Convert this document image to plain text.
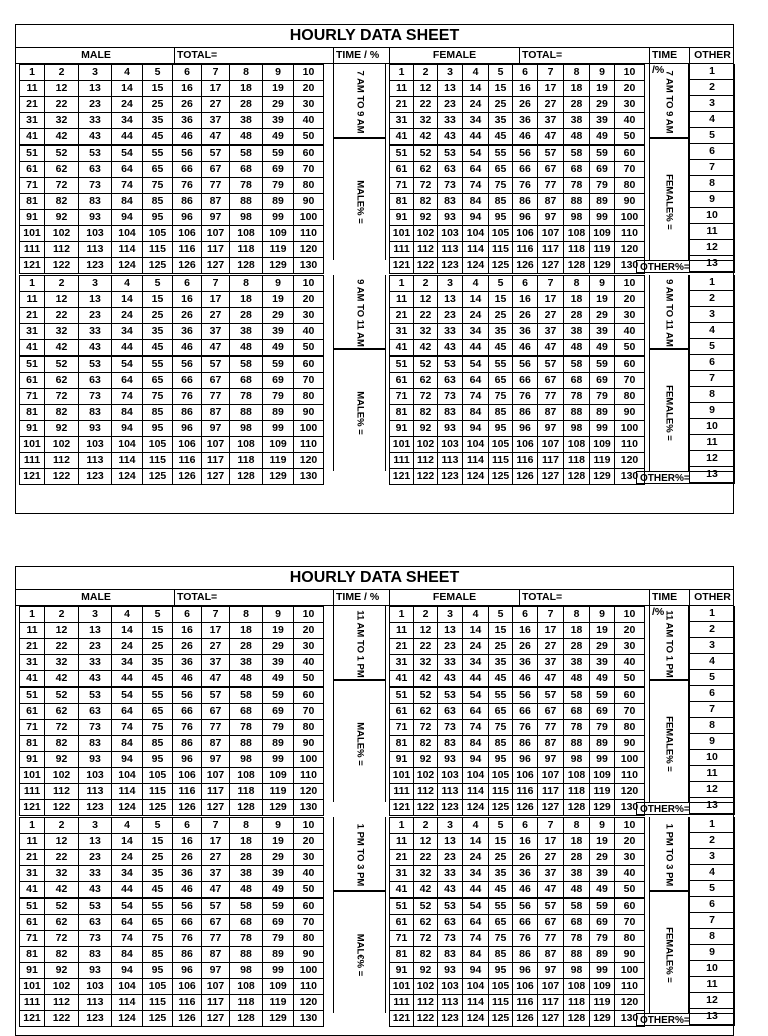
HOURLY DATA SHEET
MALE	TOTAL=	TIME / %	FEMALE	TOTAL=	TIME /%
OTHER
1	2	3	4	5	6	7	8	9	10
11	12	13	14	15	16	17	18	19	20
21	22	23	24	25	26	27	28	29	30
31	32	33	34	35	36	37	38	39	40
41	42	43	44	45	46	47	48	49	50
51	52	53	54	55	56	57	58	59	60
61	62	63	64	65	66	67	68	69	70
71	72	73	74	75	76	77	78	79	80
81	82	83	84	85	86	87	88	89	90
91	92	93	94	95	96	97	98	99	100
101	102	103	104	105	106	107	108	109	110
111	112	113	114	115	116	117	118	119	120
121	122	123	124	125	126	127	128	129	130
7 AM TO 9 AM
MALE% =
1	2	3	4	5	6	7	8	9	10
11	12	13	14	15	16	17	18	19	20
21	22	23	24	25	26	27	28	29	30
31	32	33	34	35	36	37	38	39	40
41	42	43	44	45	46	47	48	49	50
51	52	53	54	55	56	57	58	59	60
61	62	63	64	65	66	67	68	69	70
71	72	73	74	75	76	77	78	79	80
81	82	83	84	85	86	87	88	89	90
91	92	93	94	95	96	97	98	99	100
101	102	103	104	105	106	107	108	109	110
111	112	113	114	115	116	117	118	119	120
121	122	123	124	125	126	127	128	129	130
7 AM TO 9 AM
FEMALE% =
1
2
3
4
5
6
7
8
9
10
11
12
13
OTHER%=
1	2	3	4	5	6	7	8	9	10
11	12	13	14	15	16	17	18	19	20
21	22	23	24	25	26	27	28	29	30
31	32	33	34	35	36	37	38	39	40
41	42	43	44	45	46	47	48	49	50
51	52	53	54	55	56	57	58	59	60
61	62	63	64	65	66	67	68	69	70
71	72	73	74	75	76	77	78	79	80
81	82	83	84	85	86	87	88	89	90
91	92	93	94	95	96	97	98	99	100
101	102	103	104	105	106	107	108	109	110
111	112	113	114	115	116	117	118	119	120
121	122	123	124	125	126	127	128	129	130
9 AM TO 11 AM
MALE% =
1	2	3	4	5	6	7	8	9	10
11	12	13	14	15	16	17	18	19	20
21	22	23	24	25	26	27	28	29	30
31	32	33	34	35	36	37	38	39	40
41	42	43	44	45	46	47	48	49	50
51	52	53	54	55	56	57	58	59	60
61	62	63	64	65	66	67	68	69	70
71	72	73	74	75	76	77	78	79	80
81	82	83	84	85	86	87	88	89	90
91	92	93	94	95	96	97	98	99	100
101	102	103	104	105	106	107	108	109	110
111	112	113	114	115	116	117	118	119	120
121	122	123	124	125	126	127	128	129	130
9 AM TO 11 AM
FEMALE% =
1
2
3
4
5
6
7
8
9
10
11
12
13
OTHER%=
HOURLY DATA SHEET
MALE	TOTAL=	TIME / %	FEMALE	TOTAL=	TIME /%
OTHER
1	2	3	4	5	6	7	8	9	10
11	12	13	14	15	16	17	18	19	20
21	22	23	24	25	26	27	28	29	30
31	32	33	34	35	36	37	38	39	40
41	42	43	44	45	46	47	48	49	50
51	52	53	54	55	56	57	58	59	60
61	62	63	64	65	66	67	68	69	70
71	72	73	74	75	76	77	78	79	80
81	82	83	84	85	86	87	88	89	90
91	92	93	94	95	96	97	98	99	100
101	102	103	104	105	106	107	108	109	110
111	112	113	114	115	116	117	118	119	120
121	122	123	124	125	126	127	128	129	130
11 AM TO 1 PM
MALE% =
1	2	3	4	5	6	7	8	9	10
11	12	13	14	15	16	17	18	19	20
21	22	23	24	25	26	27	28	29	30
31	32	33	34	35	36	37	38	39	40
41	42	43	44	45	46	47	48	49	50
51	52	53	54	55	56	57	58	59	60
61	62	63	64	65	66	67	68	69	70
71	72	73	74	75	76	77	78	79	80
81	82	83	84	85	86	87	88	89	90
91	92	93	94	95	96	97	98	99	100
101	102	103	104	105	106	107	108	109	110
111	112	113	114	115	116	117	118	119	120
121	122	123	124	125	126	127	128	129	130
11 AM TO 1 PM
FEMALE% =
1
2
3
4
5
6
7
8
9
10
11
12
13
OTHER%=
1	2	3	4	5	6	7	8	9	10
11	12	13	14	15	16	17	18	19	20
21	22	23	24	25	26	27	28	29	30
31	32	33	34	35	36	37	38	39	40
41	42	43	44	45	46	47	48	49	50
51	52	53	54	55	56	57	58	59	60
61	62	63	64	65	66	67	68	69	70
71	72	73	74	75	76	77	78	79	80
81	82	83	84	85	86	87	88	89	90
91	92	93	94	95	96	97	98	99	100
101	102	103	104	105	106	107	108	109	110
111	112	113	114	115	116	117	118	119	120
121	122	123	124	125	126	127	128	129	130
1 PM TO 3 PM
MAL€% =
1	2	3	4	5	6	7	8	9	10
11	12	13	14	15	16	17	18	19	20
21	22	23	24	25	26	27	28	29	30
31	32	33	34	35	36	37	38	39	40
41	42	43	44	45	46	47	48	49	50
51	52	53	54	55	56	57	58	59	60
61	62	63	64	65	66	67	68	69	70
71	72	73	74	75	76	77	78	79	80
81	82	83	84	85	86	87	88	89	90
91	92	93	94	95	96	97	98	99	100
101	102	103	104	105	106	107	108	109	110
111	112	113	114	115	116	117	118	119	120
121	122	123	124	125	126	127	128	129	130
1 PM TO 3 PM
FEMALE% =
1
2
3
4
5
6
7
8
9
10
11
12
13
OTHER%=
